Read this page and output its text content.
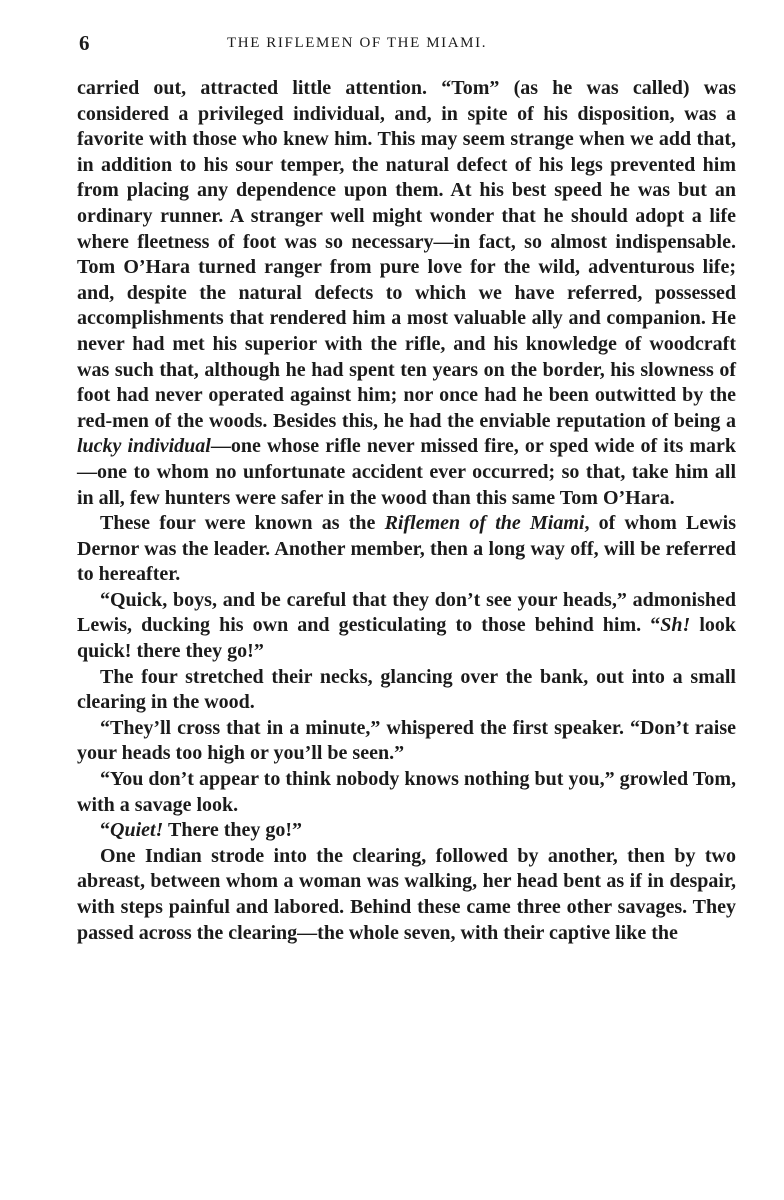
6	THE RIFLEMEN OF THE MIAMI.

carried out, attracted little attention. “Tom” (as he was called) was considered a privileged individual, and, in spite of his disposition, was a favorite with those who knew him. This may seem strange when we add that, in addition to his sour temper, the natural defect of his legs prevented him from placing any dependence upon them. At his best speed he was but an ordinary runner. A stranger well might wonder that he should adopt a life where fleetness of foot was so necessary—in fact, so almost indispensable. Tom O’Hara turned ranger from pure love for the wild, adventurous life; and, despite the natural defects to which we have referred, possessed accomplishments that rendered him a most valuable ally and companion. He never had met his superior with the rifle, and his knowledge of woodcraft was such that, although he had spent ten years on the border, his slowness of foot had never operated against him; nor once had he been outwitted by the red-men of the woods. Besides this, he had the enviable reputation of being a lucky individual—one whose rifle never missed fire, or sped wide of its mark—one to whom no unfortunate accident ever occurred; so that, take him all in all, few hunters were safer in the wood than this same Tom O’Hara.

These four were known as the Riflemen of the Miami, of whom Lewis Dernor was the leader. Another member, then a long way off, will be referred to hereafter.

“Quick, boys, and be careful that they don’t see your heads,” admonished Lewis, ducking his own and gesticulating to those behind him. “Sh! look quick! there they go!”

The four stretched their necks, glancing over the bank, out into a small clearing in the wood.

“They’ll cross that in a minute,” whispered the first speaker. “Don’t raise your heads too high or you’ll be seen.”

“You don’t appear to think nobody knows nothing but you,” growled Tom, with a savage look.

“Quiet! There they go!”

One Indian strode into the clearing, followed by another, then by two abreast, between whom a woman was walking, her head bent as if in despair, with steps painful and labored. Behind these came three other savages. They passed across the clearing—the whole seven, with their captive like the
